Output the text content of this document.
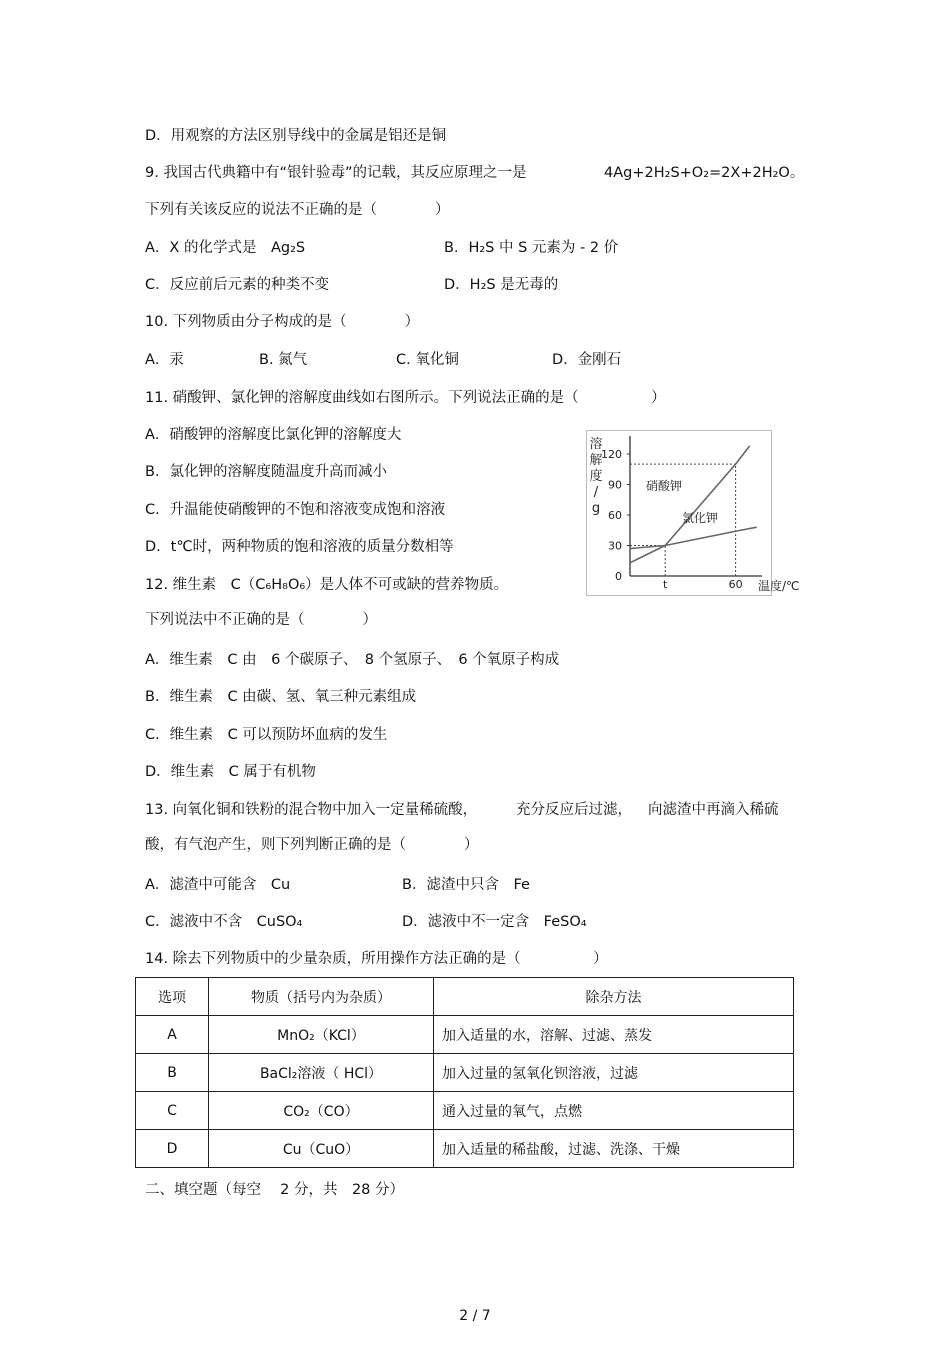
D．用观察的方法区别导线中的金属是铝还是铜
9. 我国古代典籍中有“银针验毒”的记载，其反应原理之一是	4Ag+2H₂S+O₂=2X+2H₂O。
下列有关该反应的说法不正确的是（　　　　）
A．X 的化学式是　Ag₂S	B．H₂S 中 S 元素为 - 2 价
C．反应前后元素的种类不变	D．H₂S 是无毒的
10. 下列物质由分子构成的是（　　　　）
A．汞	B. 氮气	C. 氧化铜	D．金刚石
11. 硝酸钾、氯化钾的溶解度曲线如右图所示。下列说法正确的是（　　　　　）
A．硝酸钾的溶解度比氯化钾的溶解度大
B．氯化钾的溶解度随温度升高而减小
C．升温能使硝酸钾的不饱和溶液变成饱和溶液
D．t℃时，两种物质的饱和溶液的质量分数相等
溶
解
度
/
g
0
30
60
90
120
t	60 温度/℃
硝酸钾
氯化钾
12. 维生素　C（C₆H₈O₆）是人体不可或缺的营养物质。
下列说法中不正确的是（　　　　）
A．维生素　C 由　6 个碳原子、　8 个氢原子、　6 个氧原子构成
B．维生素　C 由碳、氢、氧三种元素组成
C．维生素　C 可以预防坏血病的发生
D．维生素　C 属于有机物
13. 向氧化铜和铁粉的混合物中加入一定量稀硫酸，	充分反应后过滤， 向滤渣中再滴入稀硫
酸，有气泡产生，则下列判断正确的是（　　　　）
A．滤渣中可能含　Cu	B．滤渣中只含　Fe
C．滤液中不含　CuSO₄	D．滤液中不一定含　FeSO₄
14. 除去下列物质中的少量杂质，所用操作方法正确的是（　　　　　）
选项	物质（括号内为杂质）	除杂方法
A	MnO₂（KCl）	加入适量的水，溶解、过滤、蒸发
B	BaCl₂溶液（ HCl）	加入过量的氢氧化钡溶液，过滤
C	CO₂（CO）	通入过量的氧气，点燃
D	Cu（CuO）	加入适量的稀盐酸，过滤、洗涤、干燥
二、填空题（每空　 2 分，共　28 分）
2 / 7
